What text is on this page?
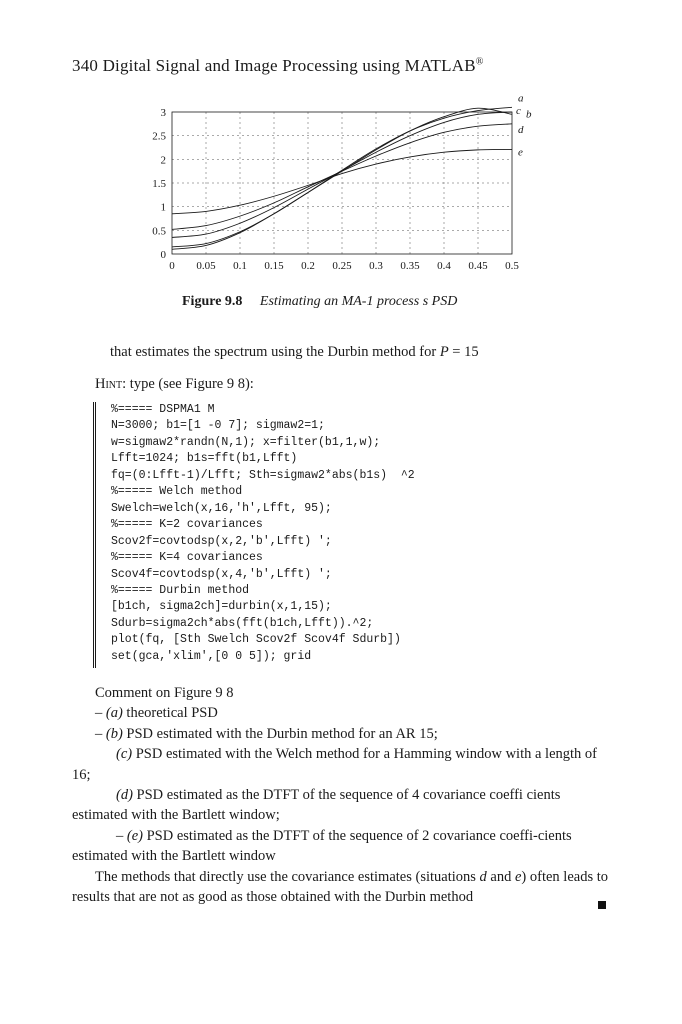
340 Digital Signal and Image Processing using MATLAB®
0 0.05 0.1 0.15 0.2 0.25 0.3 0.35 0.4 0.45 0.5
0
0.5
1
1.5
2
2.5
3
a
b
c
d
e
Figure 9.8 Estimating an MA-1 process s PSD
that estimates the spectrum using the Durbin method for P = 15
Hint: type (see Figure 9 8):
%===== DSPMA1 M
N=3000; b1=[1 -0 7]; sigmaw2=1;
w=sigmaw2*randn(N,1); x=filter(b1,1,w);
Lfft=1024; b1s=fft(b1,Lfft)
fq=(0:Lfft-1)/Lfft; Sth=sigmaw2*abs(b1s)  ^2
%===== Welch method
Swelch=welch(x,16,'h',Lfft, 95);
%===== K=2 covariances
Scov2f=covtodsp(x,2,'b',Lfft) ';
%===== K=4 covariances
Scov4f=covtodsp(x,4,'b',Lfft) ';
%===== Durbin method
[b1ch, sigma2ch]=durbin(x,1,15);
Sdurb=sigma2ch*abs(fft(b1ch,Lfft)).^2;
plot(fq, [Sth Swelch Scov2f Scov4f Sdurb])
set(gca,'xlim',[0 0 5]); grid

Comment on Figure 9 8

– (a) theoretical PSD

– (b) PSD estimated with the Durbin method for an AR 15;

(c) PSD estimated with the Welch method for a Hamming window with a length of 16;

(d) PSD estimated as the DTFT of the sequence of 4 covariance coeffi cients estimated with the Bartlett window;

– (e) PSD estimated as the DTFT of the sequence of 2 covariance coeffi-cients estimated with the Bartlett window

The methods that directly use the covariance estimates (situations d and e) often leads to results that are not as good as those obtained with the Durbin method
